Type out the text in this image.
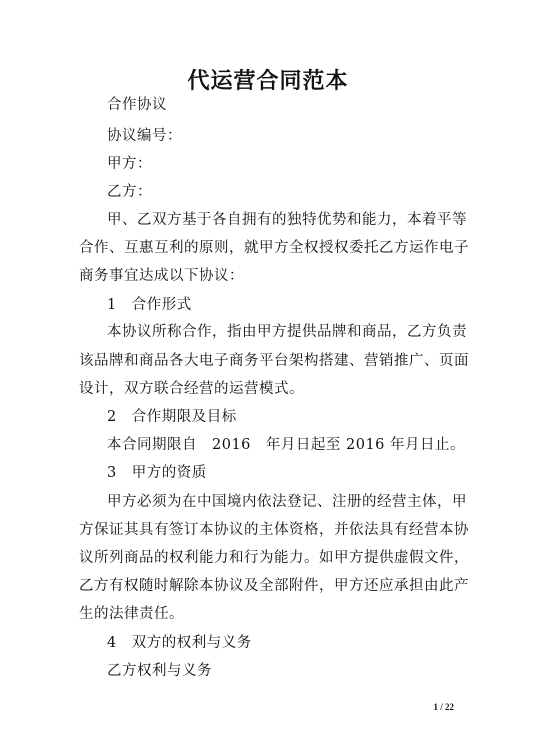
代运营合同范本
合作协议
协议编号：
甲方：
乙方：
甲、乙双方基于各自拥有的独特优势和能力，本着平等
合作、互惠互利的原则，就甲方全权授权委托乙方运作电子
商务事宜达成以下协议：
1　合作形式
本协议所称合作，指由甲方提供品牌和商品，乙方负责
该品牌和商品各大电子商务平台架构搭建、营销推广、页面
设计，双方联合经营的运营模式。
2　合作期限及目标
本合同期限自　2016　年月日起至 2016 年月日止。
3　甲方的资质
甲方必须为在中国境内依法登记、注册的经营主体，甲
方保证其具有签订本协议的主体资格，并依法具有经营本协
议所列商品的权利能力和行为能力。如甲方提供虚假文件，
乙方有权随时解除本协议及全部附件，甲方还应承担由此产
生的法律责任。
4　双方的权利与义务
乙方权利与义务
1 / 22
